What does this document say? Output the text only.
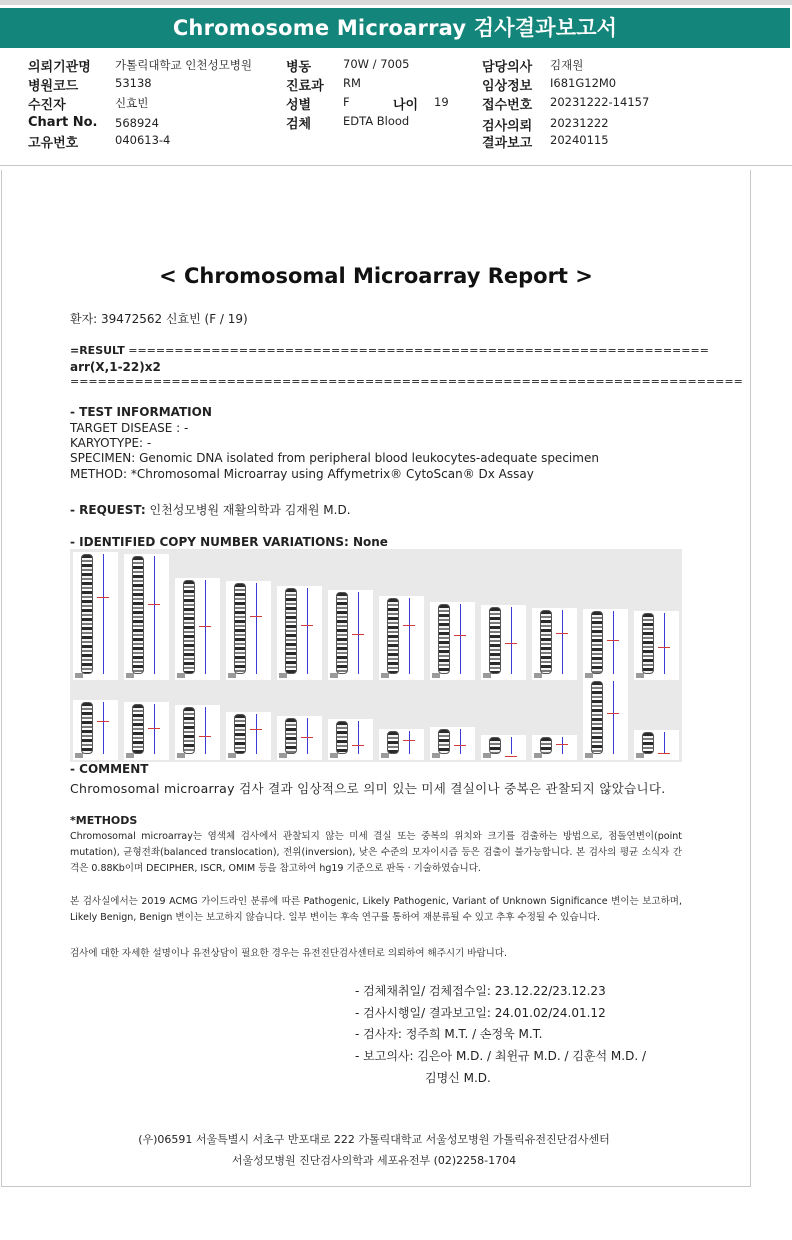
Chromosome Microarray 검사결과보고서
의뢰기관명 가톨릭대학교 인천성모병원
병원코드	53138
수진자	신효빈
Chart No. 568924
고유번호	040613-4
병동	70W / 7005
진료과 RM
성별	F	나이 19
검체	EDTA Blood
담당의사 김재원
임상정보 I681G12M0
접수번호 20231222-14157
검사의뢰 20231222
결과보고 20240115
< Chromosomal Microarray Report >
환자: 39472562 신효빈 (F / 19)
=RESULT ===============================================================
arr(X,1-22)x2
=========================================================================
- TEST INFORMATION
TARGET DISEASE : -
KARYOTYPE: -
SPECIMEN: Genomic DNA isolated from peripheral blood leukocytes-adequate specimen
METHOD: *Chromosomal Microarray using Affymetrix® CytoScan® Dx Assay
- REQUEST: 인천성모병원 재활의학과 김재원 M.D.
- IDENTIFIED COPY NUMBER VARIATIONS: None
- COMMENT
Chromosomal microarray 검사 결과 임상적으로 의미 있는 미세 결실이나 중복은 관찰되지 않았습니다.
*METHODS
Chromosomal microarray는 염색체 검사에서 관찰되지 않는 미세 결실 또는 중복의 위치와 크기를 검출하는 방법으로, 점돌연변이(point mutation), 균형전좌(balanced translocation), 전위(inversion), 낮은 수준의 모자이시즘 등은 검출이 불가능합니다. 본 검사의 평균 소식자 간격은 0.88Kb이며 DECIPHER, ISCR, OMIM 등을 참고하여 hg19 기준으로 판독 · 기술하였습니다.
본 검사실에서는 2019 ACMG 가이드라인 분류에 따른 Pathogenic, Likely Pathogenic, Variant of Unknown Significance 변이는 보고하며, Likely Benign, Benign 변이는 보고하지 않습니다. 일부 변이는 후속 연구를 통하여 재분류될 수 있고 추후 수정될 수 있습니다.
검사에 대한 자세한 설명이나 유전상담이 필요한 경우는 유전진단검사센터로 의뢰하여 해주시기 바랍니다.
- 검체채취일/ 검체접수일: 23.12.22/23.12.23
- 검사시행일/ 결과보고일: 24.01.02/24.01.12
- 검사자: 정주희 M.T. / 손정욱 M.T.
- 보고의사: 김은아 M.D. / 최윈규 M.D. / 김훈석 M.D. /
김명신 M.D.
(우)06591 서울특별시 서초구 반포대로 222 가톨릭대학교 서울성모병원 가톨릭유전진단검사센터
서울성모병원 진단검사의학과 세포유전부 (02)2258-1704
